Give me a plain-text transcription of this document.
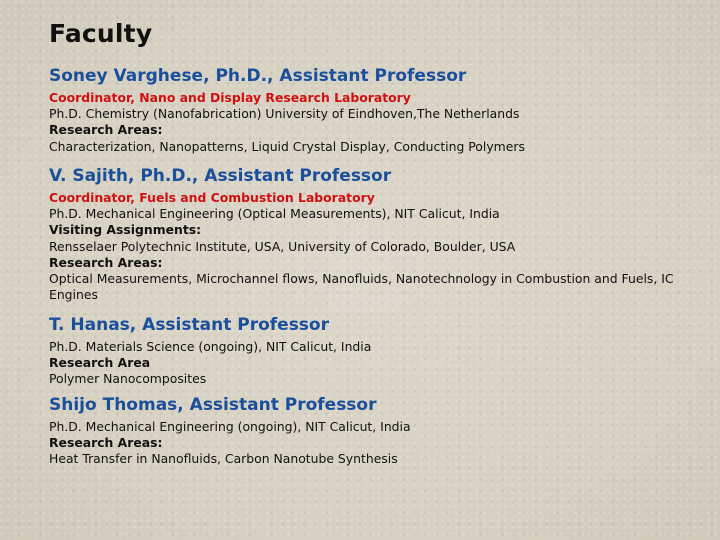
Faculty
Soney Varghese, Ph.D., Assistant Professor
Coordinator, Nano and Display Research Laboratory
Ph.D. Chemistry (Nanofabrication) University of Eindhoven,The Netherlands
Research Areas:
Characterization, Nanopatterns, Liquid Crystal Display, Conducting Polymers
V. Sajith, Ph.D., Assistant Professor
Coordinator, Fuels and Combustion Laboratory
Ph.D. Mechanical Engineering (Optical Measurements), NIT Calicut, India
Visiting Assignments:
Rensselaer Polytechnic Institute, USA, University of Colorado, Boulder, USA
Research Areas:
Optical Measurements, Microchannel flows, Nanofluids, Nanotechnology in Combustion and Fuels, IC Engines
T. Hanas, Assistant Professor
Ph.D. Materials Science (ongoing), NIT Calicut, India
Research Area
Polymer Nanocomposites
Shijo Thomas, Assistant Professor
Ph.D. Mechanical Engineering (ongoing), NIT Calicut, India
Research Areas:
Heat Transfer in Nanofluids, Carbon Nanotube Synthesis
